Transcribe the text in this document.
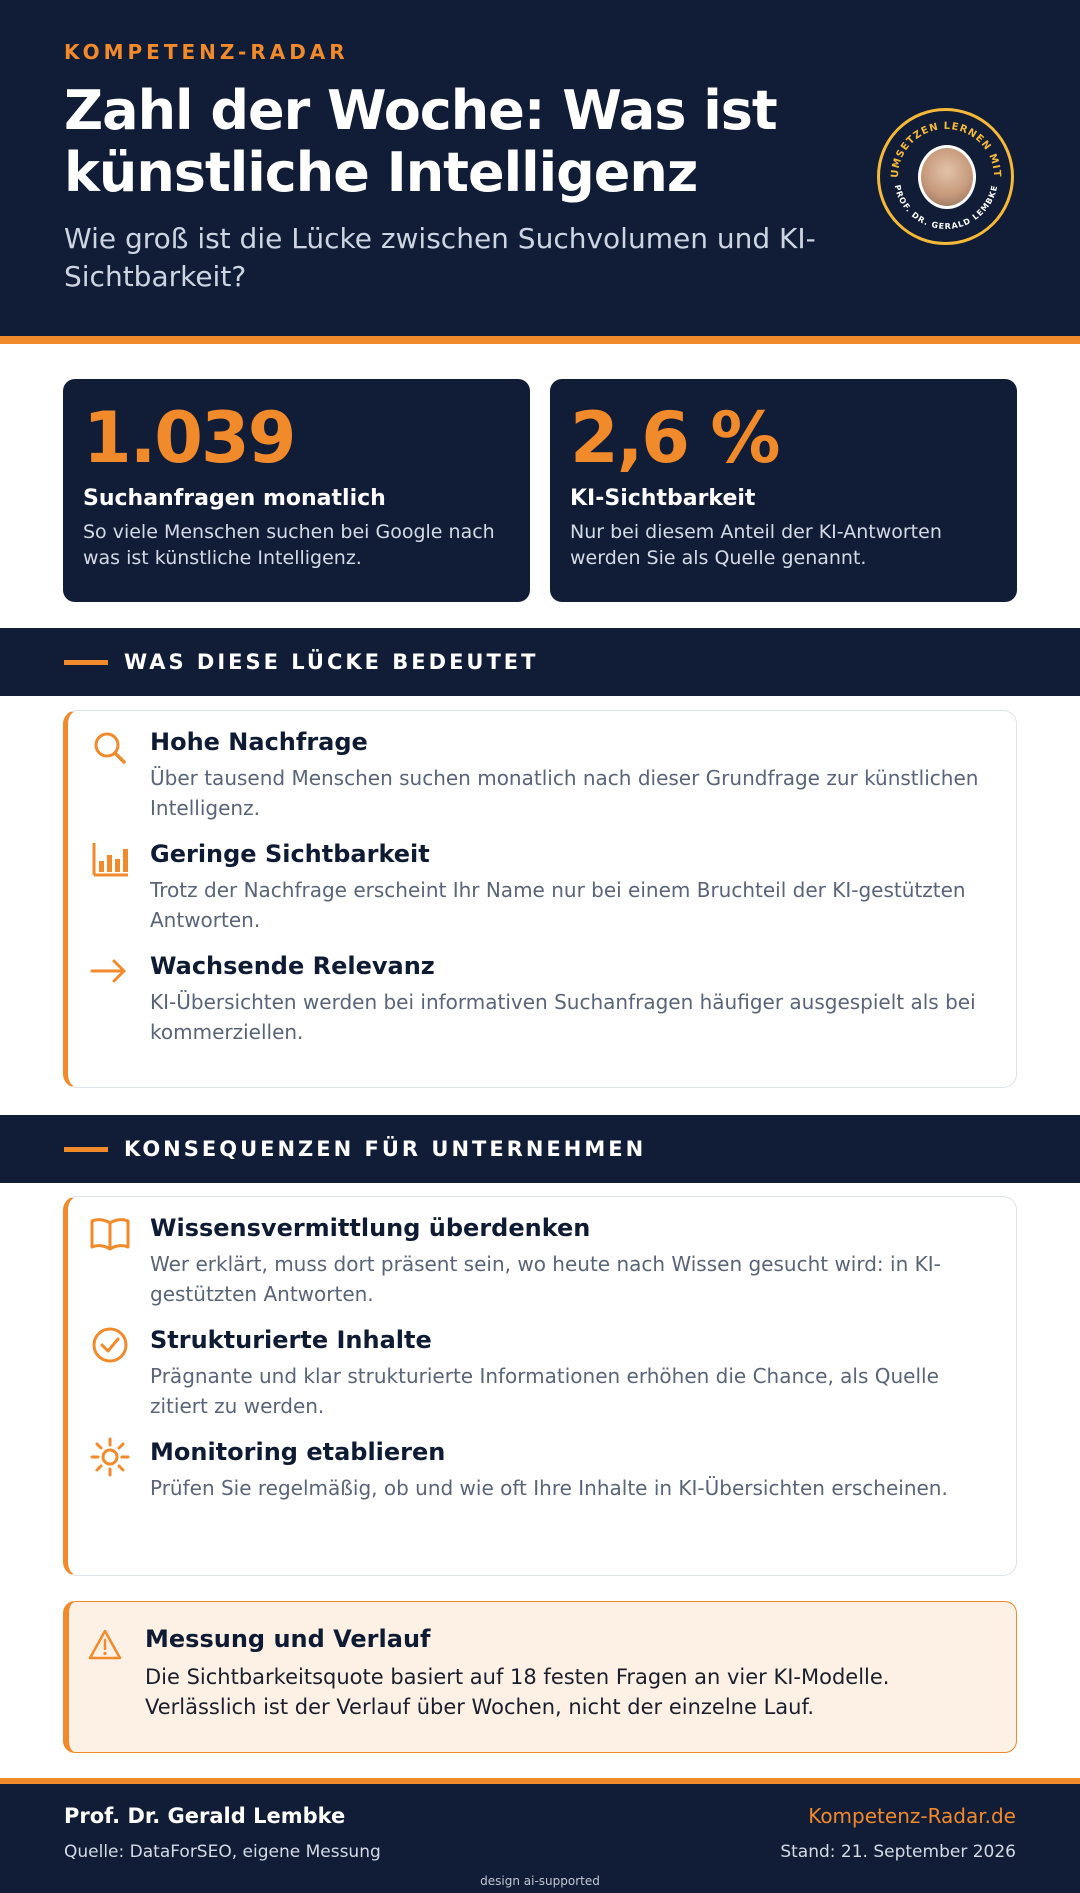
KOMPETENZ-RADAR
Zahl der Woche: Was ist künstliche Intelligenz
Wie groß ist die Lücke zwischen Suchvolumen und KI-Sichtbarkeit?
UMSETZEN LERNEN MIT
PROF. DR. GERALD LEMBKE
1.039
Suchanfragen monatlich
So viele Menschen suchen bei Google nach was ist künstliche Intelligenz.
2,6 %
KI-Sichtbarkeit
Nur bei diesem Anteil der KI-Antworten werden Sie als Quelle genannt.
WAS DIESE LÜCKE BEDEUTET
Hohe Nachfrage
Über tausend Menschen suchen monatlich nach dieser Grundfrage zur künstlichen Intelligenz.
Geringe Sichtbarkeit
Trotz der Nachfrage erscheint Ihr Name nur bei einem Bruchteil der KI-gestützten Antworten.
Wachsende Relevanz
KI-Übersichten werden bei informativen Suchanfragen häufiger ausgespielt als bei kommerziellen.
KONSEQUENZEN FÜR UNTERNEHMEN
Wissensvermittlung überdenken
Wer erklärt, muss dort präsent sein, wo heute nach Wissen gesucht wird: in KI-gestützten Antworten.
Strukturierte Inhalte
Prägnante und klar strukturierte Informationen erhöhen die Chance, als Quelle zitiert zu werden.
Monitoring etablieren
Prüfen Sie regelmäßig, ob und wie oft Ihre Inhalte in KI-Übersichten erscheinen.
Messung und Verlauf
Die Sichtbarkeitsquote basiert auf 18 festen Fragen an vier KI-Modelle. Verlässlich ist der Verlauf über Wochen, nicht der einzelne Lauf.
Prof. Dr. Gerald Lembke
Quelle: DataForSEO, eigene Messung
Kompetenz-Radar.de
Stand: 21. September 2026
design ai-supported
